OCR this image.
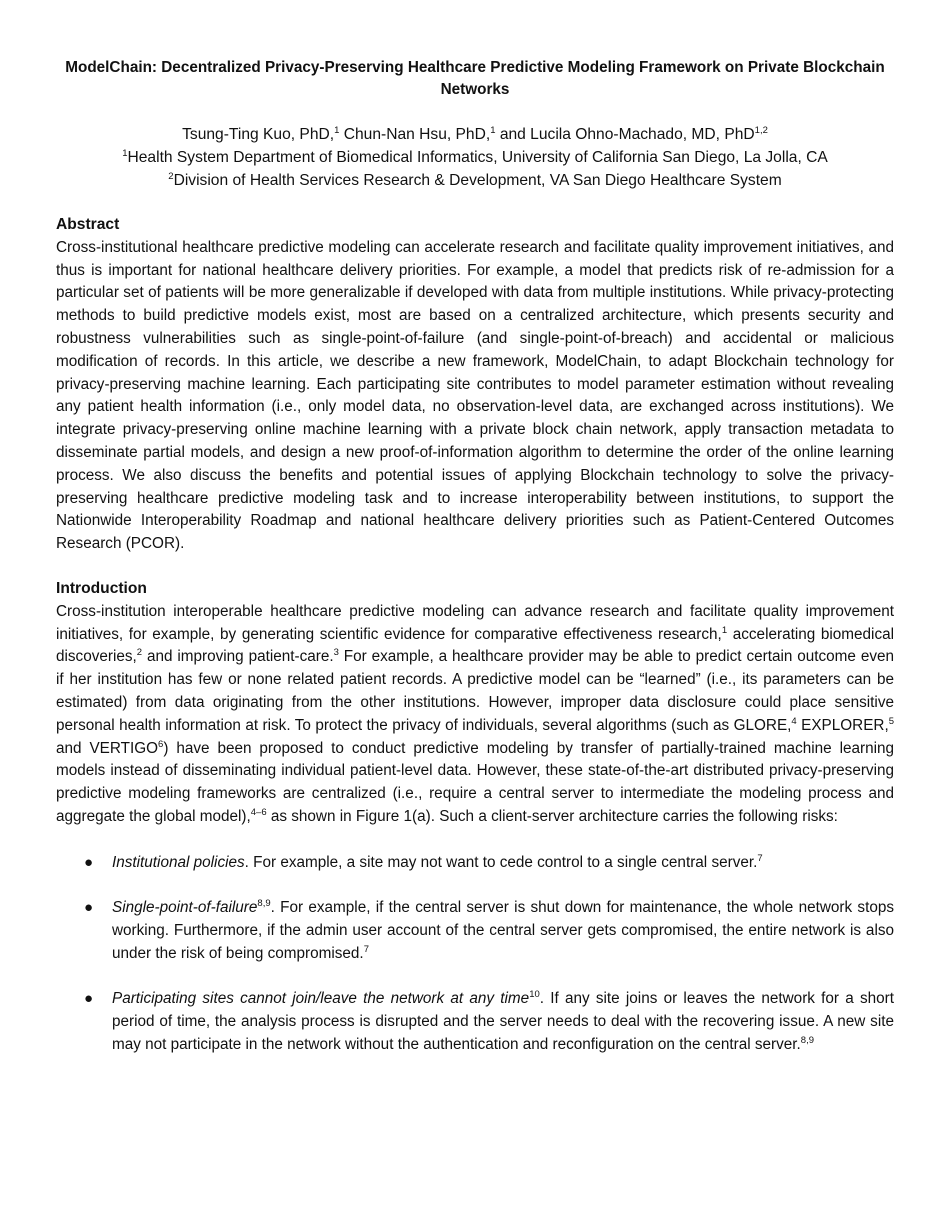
ModelChain: Decentralized Privacy-Preserving Healthcare Predictive Modeling Framework on Private Blockchain Networks
Tsung-Ting Kuo, PhD,$^1$ Chun-Nan Hsu, PhD,$^1$ and Lucila Ohno-Machado, MD, PhD$^{1,2}$
$^1$Health System Department of Biomedical Informatics, University of California San Diego, La Jolla, CA
$^2$Division of Health Services Research & Development, VA San Diego Healthcare System
Abstract

Cross-institutional healthcare predictive modeling can accelerate research and facilitate quality improvement initiatives, and thus is important for national healthcare delivery priorities. For example, a model that predicts risk of re-admission for a particular set of patients will be more generalizable if developed with data from multiple institutions. While privacy-protecting methods to build predictive models exist, most are based on a centralized architecture, which presents security and robustness vulnerabilities such as single-point-of-failure (and single-point-of-breach) and accidental or malicious modification of records. In this article, we describe a new framework, ModelChain, to adapt Blockchain technology for privacy-preserving machine learning. Each participating site contributes to model parameter estimation without revealing any patient health information (i.e., only model data, no observation-level data, are exchanged across institutions). We integrate privacy-preserving online machine learning with a private block chain network, apply transaction metadata to disseminate partial models, and design a new proof-of-information algorithm to determine the order of the online learning process. We also discuss the benefits and potential issues of applying Blockchain technology to solve the privacy-preserving healthcare predictive modeling task and to increase interoperability between institutions, to support the Nationwide Interoperability Roadmap and national healthcare delivery priorities such as Patient-Centered Outcomes Research (PCOR).

Introduction

Cross-institution interoperable healthcare predictive modeling can advance research and facilitate quality improvement initiatives, for example, by generating scientific evidence for comparative effectiveness research,$^1$ accelerating biomedical discoveries,$^2$ and improving patient-care.$^3$ For example, a healthcare provider may be able to predict certain outcome even if her institution has few or none related patient records. A predictive model can be “learned” (i.e., its parameters can be estimated) from data originating from the other institutions. However, improper data disclosure could place sensitive personal health information at risk. To protect the privacy of individuals, several algorithms (such as GLORE,$^4$ EXPLORER,$^5$ and VERTIGO$^6$) have been proposed to conduct predictive modeling by transfer of partially-trained machine learning models instead of disseminating individual patient-level data. However, these state-of-the-art distributed privacy-preserving predictive modeling frameworks are centralized (i.e., require a central server to intermediate the modeling process and aggregate the global model),$^{4-6}$ as shown in Figure 1(a). Such a client-server architecture carries the following risks:

● Institutional policies. For example, a site may not want to cede control to a single central server.$^7$
● Single-point-of-failure$^{8,9}$. For example, if the central server is shut down for maintenance, the whole network stops working. Furthermore, if the admin user account of the central server gets compromised, the entire network is also under the risk of being compromised.$^7$
● Participating sites cannot join/leave the network at any time$^{10}$. If any site joins or leaves the network for a short period of time, the analysis process is disrupted and the server needs to deal with the recovering issue. A new site may not participate in the network without the authentication and reconfiguration on the central server.$^{8,9}$
